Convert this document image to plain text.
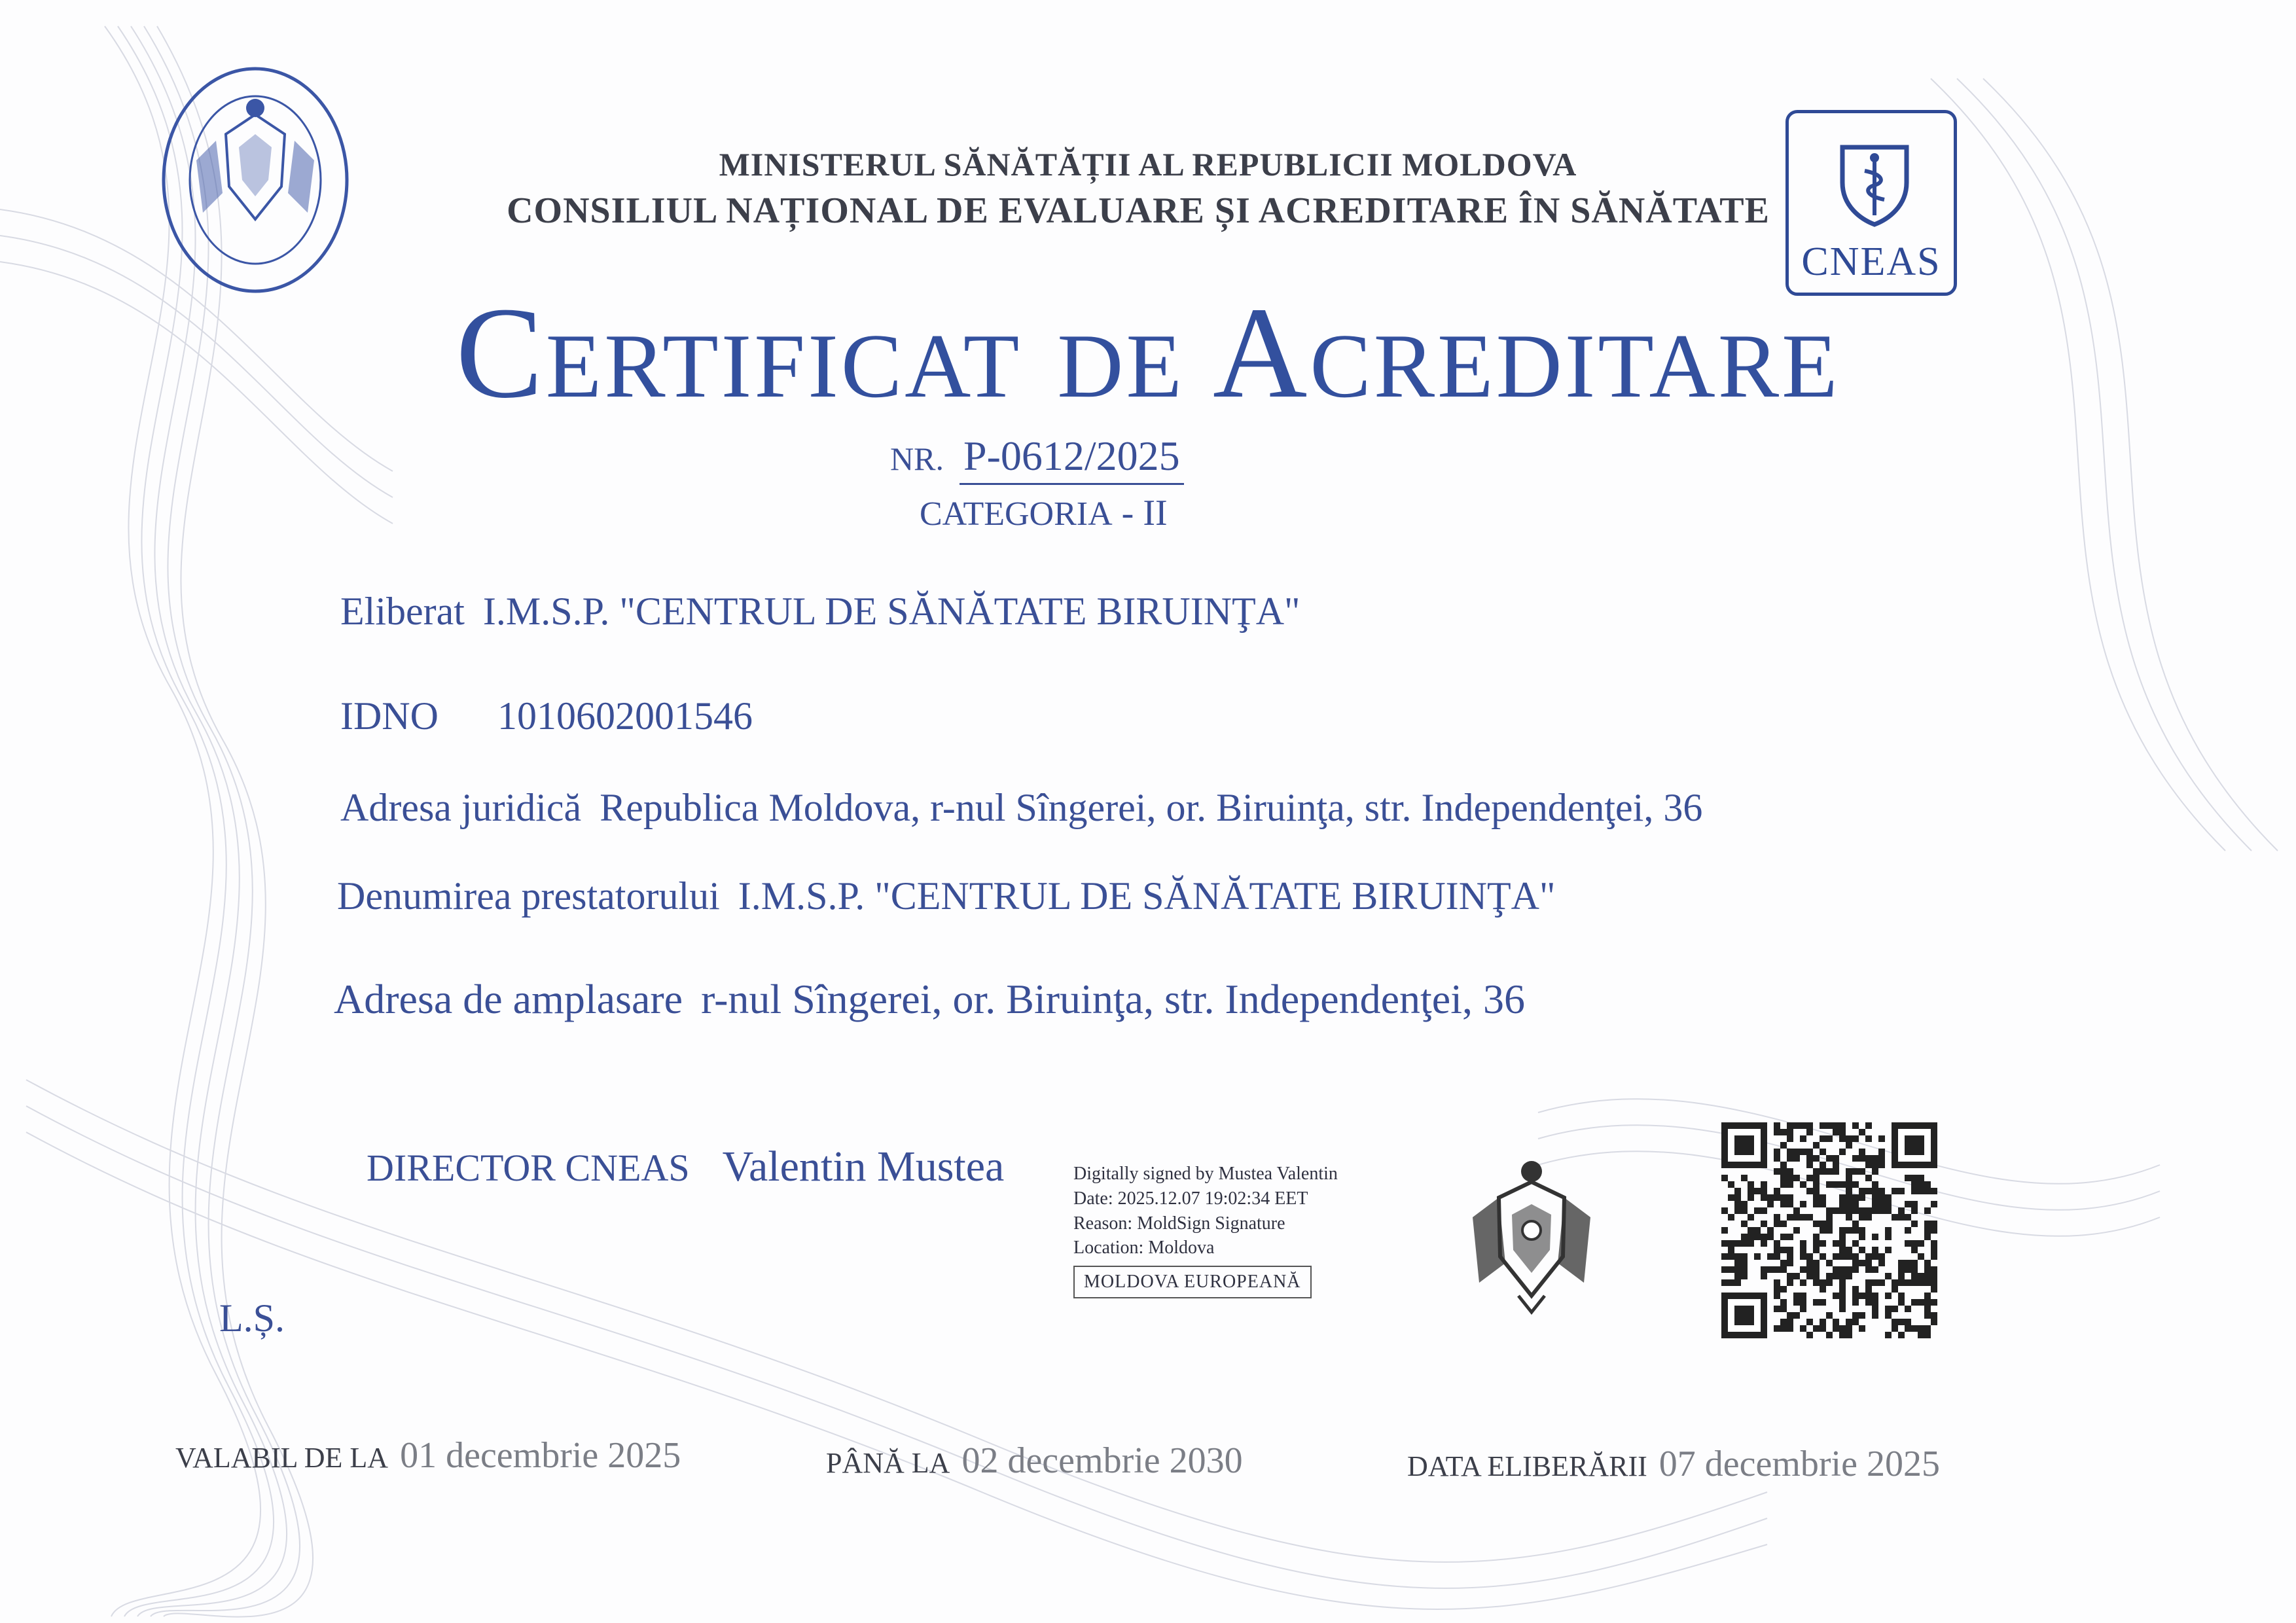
MINISTERUL SĂNĂTĂȚII AL REPUBLICII MOLDOVA
CONSILIUL NAȚIONAL DE EVALUARE ȘI ACREDITARE ÎN SĂNĂTATE
CNEAS
Certificat de Acreditare
NR. P-0612/2025
CATEGORIA - II
Eliberat I.M.S.P. "CENTRUL DE SĂNĂTATE BIRUINŢA"
IDNO 1010602001546
Adresa juridică Republica Moldova, r-nul Sîngerei, or. Biruinţa, str. Independenţei, 36
Denumirea prestatorului I.M.S.P. "CENTRUL DE SĂNĂTATE BIRUINŢA"
Adresa de amplasare r-nul Sîngerei, or. Biruinţa, str. Independenţei, 36
DIRECTOR CNEAS Valentin Mustea	Digitally signed by Mustea Valentin
Date: 2025.12.07 19:02:34 EET
Reason: MoldSign Signature
Location: Moldova
MOLDOVA EUROPEANĂ
L.Ș.
VALABIL DE LA 01 decembrie 2025	PÂNĂ LA 02 decembrie 2030	DATA ELIBERĂRII 07 decembrie 2025
